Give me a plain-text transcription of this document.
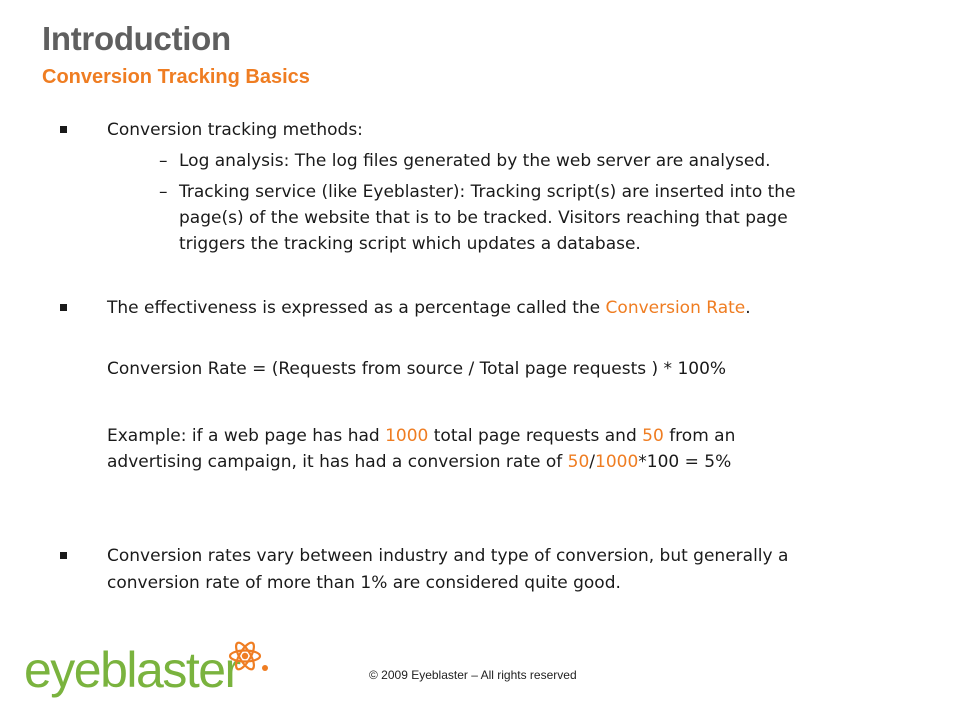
Introduction
Conversion Tracking Basics
Conversion tracking methods:
– Log analysis: The log files generated by the web server are analysed.
– Tracking service (like Eyeblaster): Tracking script(s) are inserted into the
page(s) of the website that is to be tracked. Visitors reaching that page
triggers the tracking script which updates a database.
The effectiveness is expressed as a percentage called the Conversion Rate.
Conversion Rate = (Requests from source / Total page requests ) * 100%
Example: if a web page has had 1000 total page requests and 50 from an
advertising campaign, it has had a conversion rate of 50/1000*100 = 5%
Conversion rates vary between industry and type of conversion, but generally a
conversion rate of more than 1% are considered quite good.
eyeblaster	© 2009 Eyeblaster – All rights reserved
